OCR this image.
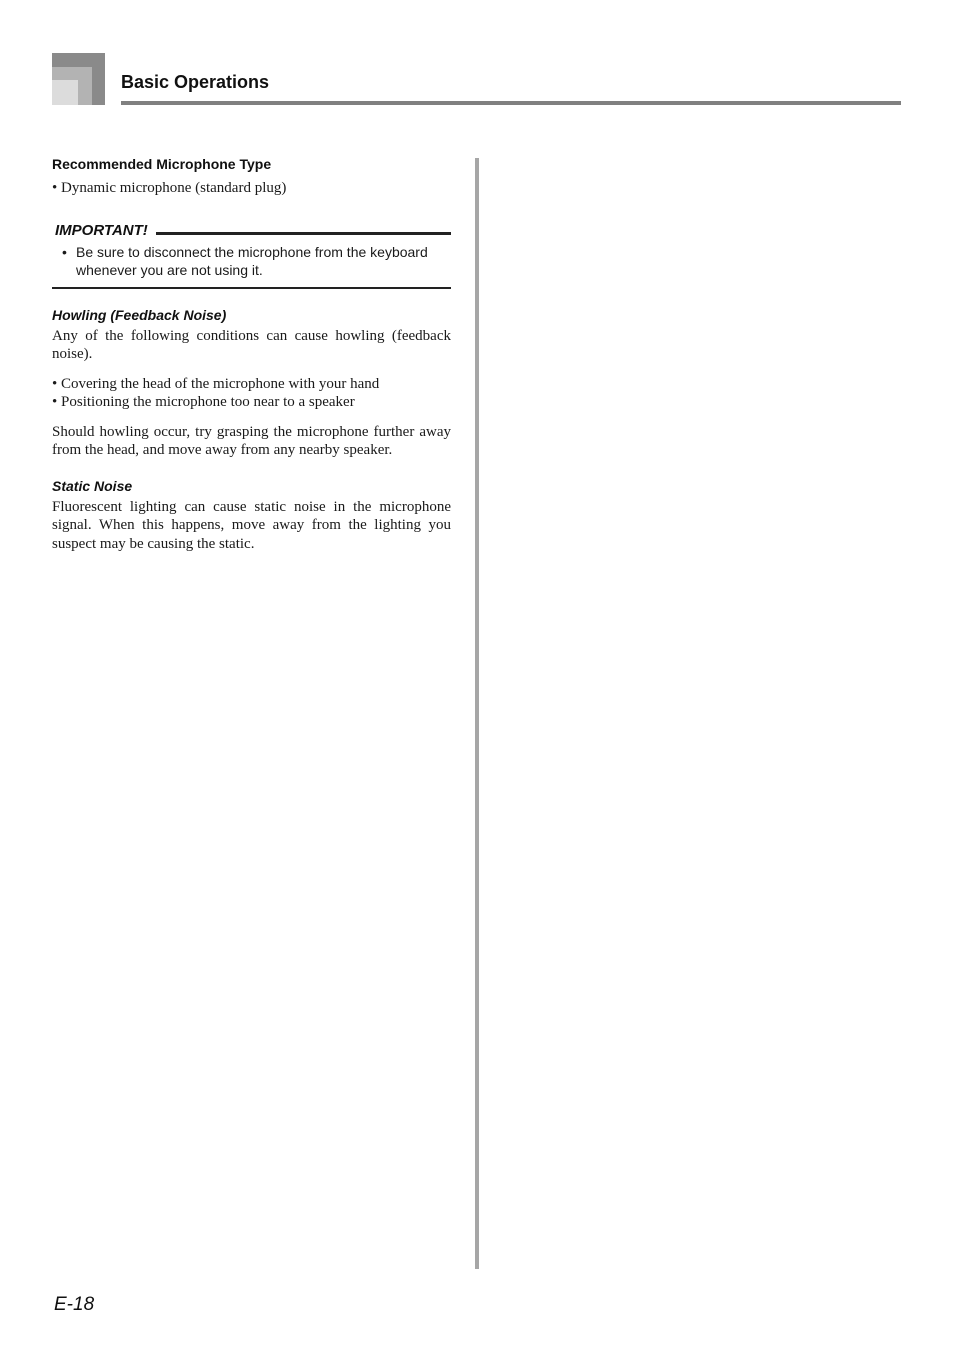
Basic Operations
Recommended Microphone Type
• Dynamic microphone (standard plug)
IMPORTANT!
• Be sure to disconnect the microphone from the keyboard whenever you are not using it.
Howling (Feedback Noise)

Any of the following conditions can cause howling (feedback noise).

• Covering the head of the microphone with your hand
• Positioning the microphone too near to a speaker

Should howling occur, try grasping the microphone further away from the head, and move away from any nearby speaker.

Static Noise

Fluorescent lighting can cause static noise in the microphone signal. When this happens, move away from the lighting you suspect may be causing the static.

E-18
